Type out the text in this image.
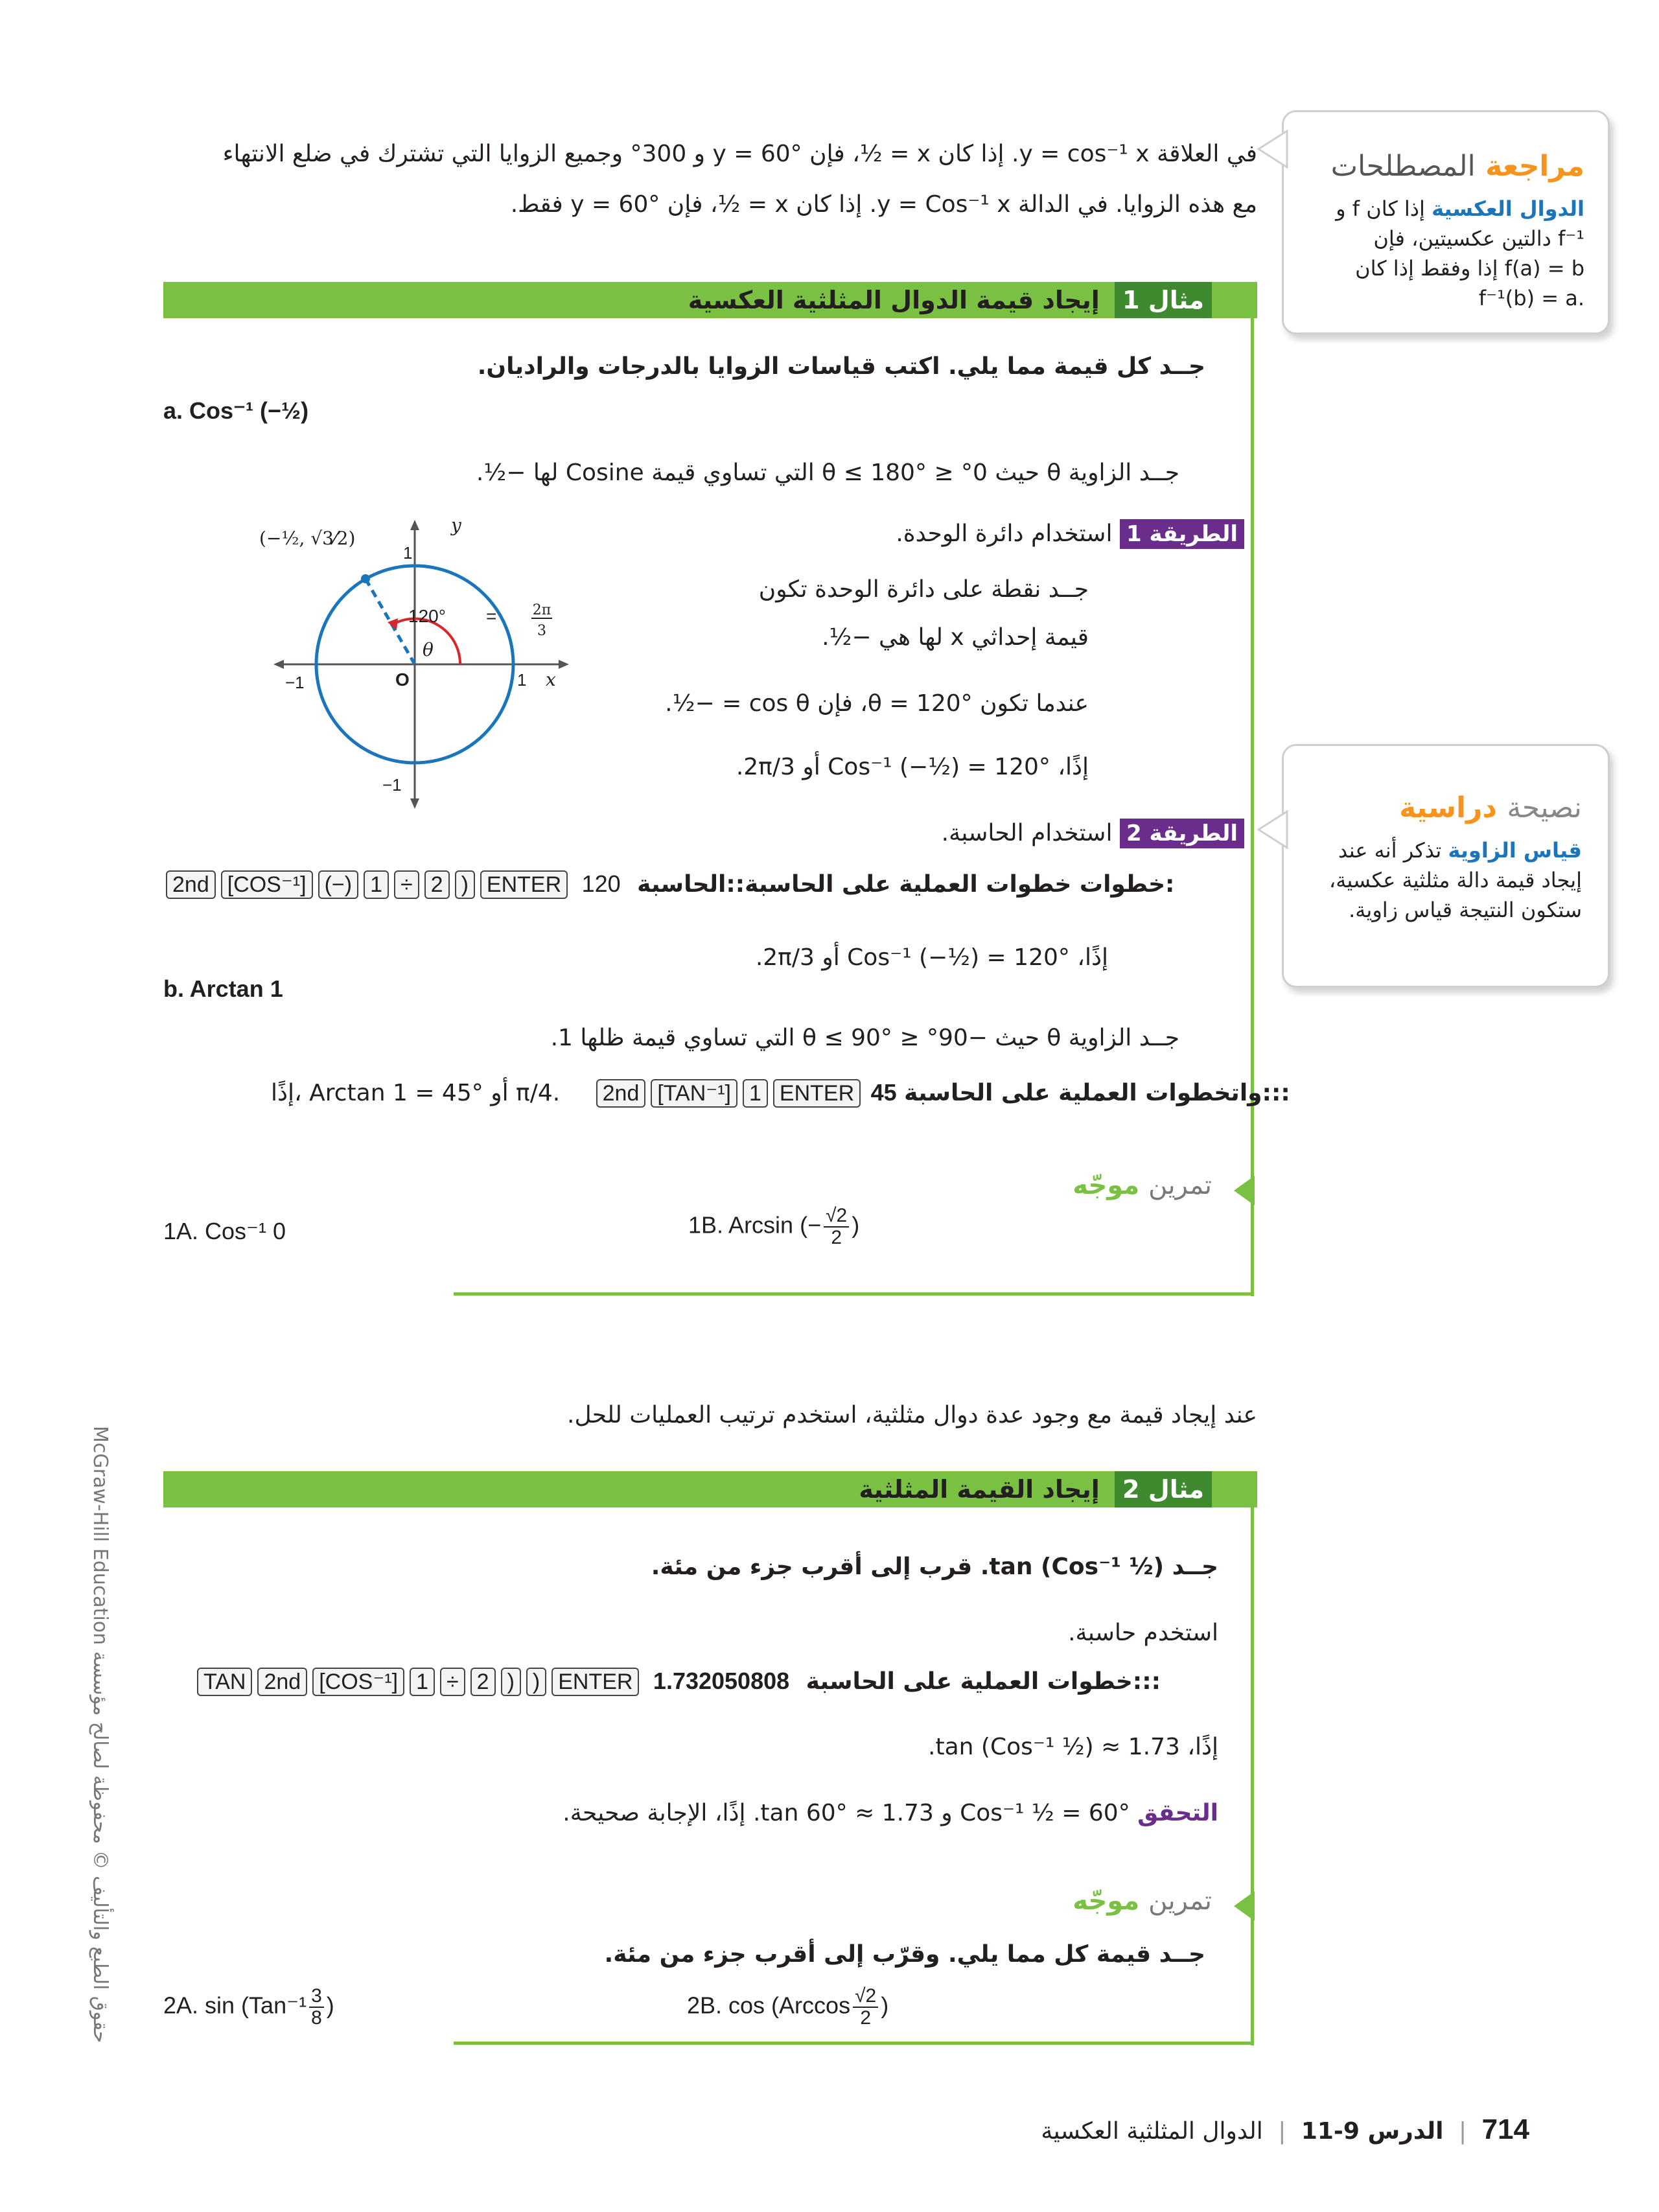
في العلاقة y = cos⁻¹ x. إذا كان x = ½، فإن y = 60° و 300° وجميع الزوايا التي تشترك في ضلع الانتهاء
مع هذه الزوايا. في الدالة y = Cos⁻¹ x. إذا كان x = ½، فإن y = 60° فقط.
مراجعة المصطلحات
الدوال العكسية إذا كان f و
f⁻¹ دالتين عكسيتين، فإن
f(a) = b إذا وفقط إذا كان
.f⁻¹(b) = a
مثال 1 إيجاد قيمة الدوال المثلثية العكسية
جــد كل قيمة مما يلي. اكتب قياسات الزوايا بالدرجات والراديان.
a. Cos⁻¹ (−½)
جــد الزاوية θ حيث 0° ≤ θ ≤ 180° التي تساوي قيمة Cosine لها −½.
الطريقة 1 استخدام دائرة الوحدة.
جــد نقطة على دائرة الوحدة تكون
قيمة إحداثي x لها هي −½.
عندما تكون θ = 120°، فإن cos θ = −½.
إذًا، Cos⁻¹ (−½) = 120° أو 2π/3.
(−½, √3⁄2)
y
1
120°
θ
O	1 x
−1
−1
=	2π
3
الطريقة 2 استخدام الحاسبة.
2nd [COS⁻¹] (−) 1 ÷ 2 ) ENTER 120 خطوات خطوات العملية على الحاسبة::الحاسبة:
إذًا، Cos⁻¹ (−½) = 120° أو 2π/3.
b. Arctan 1
جــد الزاوية θ حيث −90° ≤ θ ≤ 90° التي تساوي قيمة ظلها 1.
إذًا، Arctan 1 = 45° أو π/4. 2nd [TAN⁻¹] 1 ENTER 45 واتخطوات العملية على الحاسبة:::
تمرين موجّه
1A. Cos⁻¹ 0	1B. Arcsin (− $\frac{√2}{2}$ )
نصيحة دراسية
قياس الزاوية تذكر أنه عند
إيجاد قيمة دالة مثلثية عكسية،
ستكون النتيجة قياس زاوية.
عند إيجاد قيمة مع وجود عدة دوال مثلثية، استخدم ترتيب العمليات للحل.
مثال 2 إيجاد القيمة المثلثية
جــد tan (Cos⁻¹ ½). قرب إلى أقرب جزء من مئة.
استخدم حاسبة.
TAN 2nd [COS⁻¹] 1 ÷ 2 ) ) ENTER 1.732050808 خطوات العملية على الحاسبة:::
إذًا، tan (Cos⁻¹ ½) ≈ 1.73.
التحقق Cos⁻¹ ½ = 60° و tan 60° ≈ 1.73. إذًا، الإجابة صحيحة.
تمرين موجّه
جــد قيمة كل مما يلي. وقرّب إلى أقرب جزء من مئة.
2A. $\sin (Tan^{-1} \frac{3}{8}$ )	2B. $\cos (Arccos \frac{√2}{2}$ )
حقوق الطبع والتأليف © محفوظة لصالح مؤسسة McGraw-Hill Education
714 | الدرس 9-11 | الدوال المثلثية العكسية
